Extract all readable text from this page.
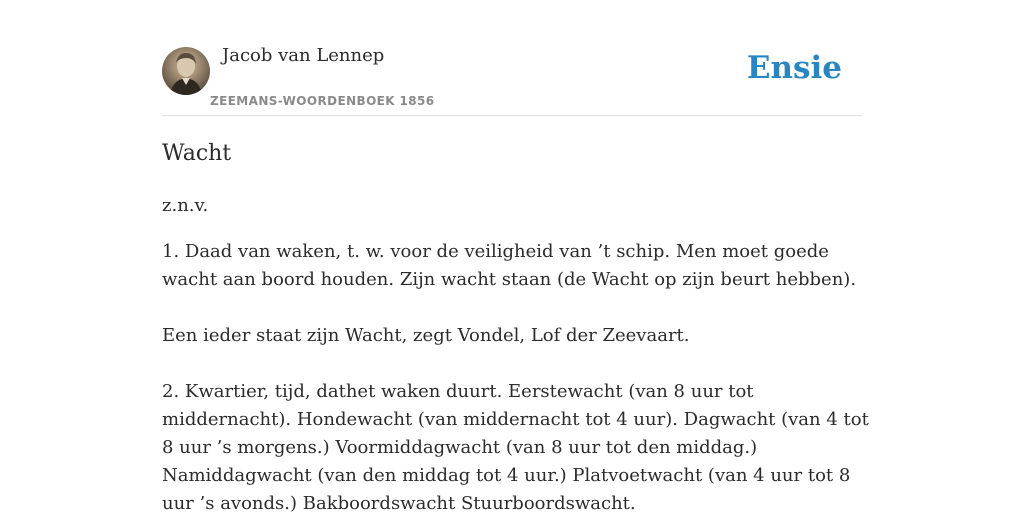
Jacob van Lennep
ZEEMANS-WOORDENBOEK 1856
Ensie
Wacht
z.n.v.
1. Daad van waken, t. w. voor de veiligheid van ’t schip. Men moet goede wacht aan boord houden. Zijn wacht staan (de Wacht op zijn beurt hebben).
Een ieder staat zijn Wacht, zegt Vondel, Lof der Zeevaart.
2. Kwartier, tijd, dathet waken duurt. Eerstewacht (van 8 uur tot middernacht). Hondewacht (van middernacht tot 4 uur). Dagwacht (van 4 tot 8 uur ’s morgens.) Voormiddagwacht (van 8 uur tot den middag.) Namiddagwacht (van den middag tot 4 uur.) Platvoetwacht (van 4 uur tot 8 uur ’s avonds.) Bakboordswacht Stuurboordswacht.
